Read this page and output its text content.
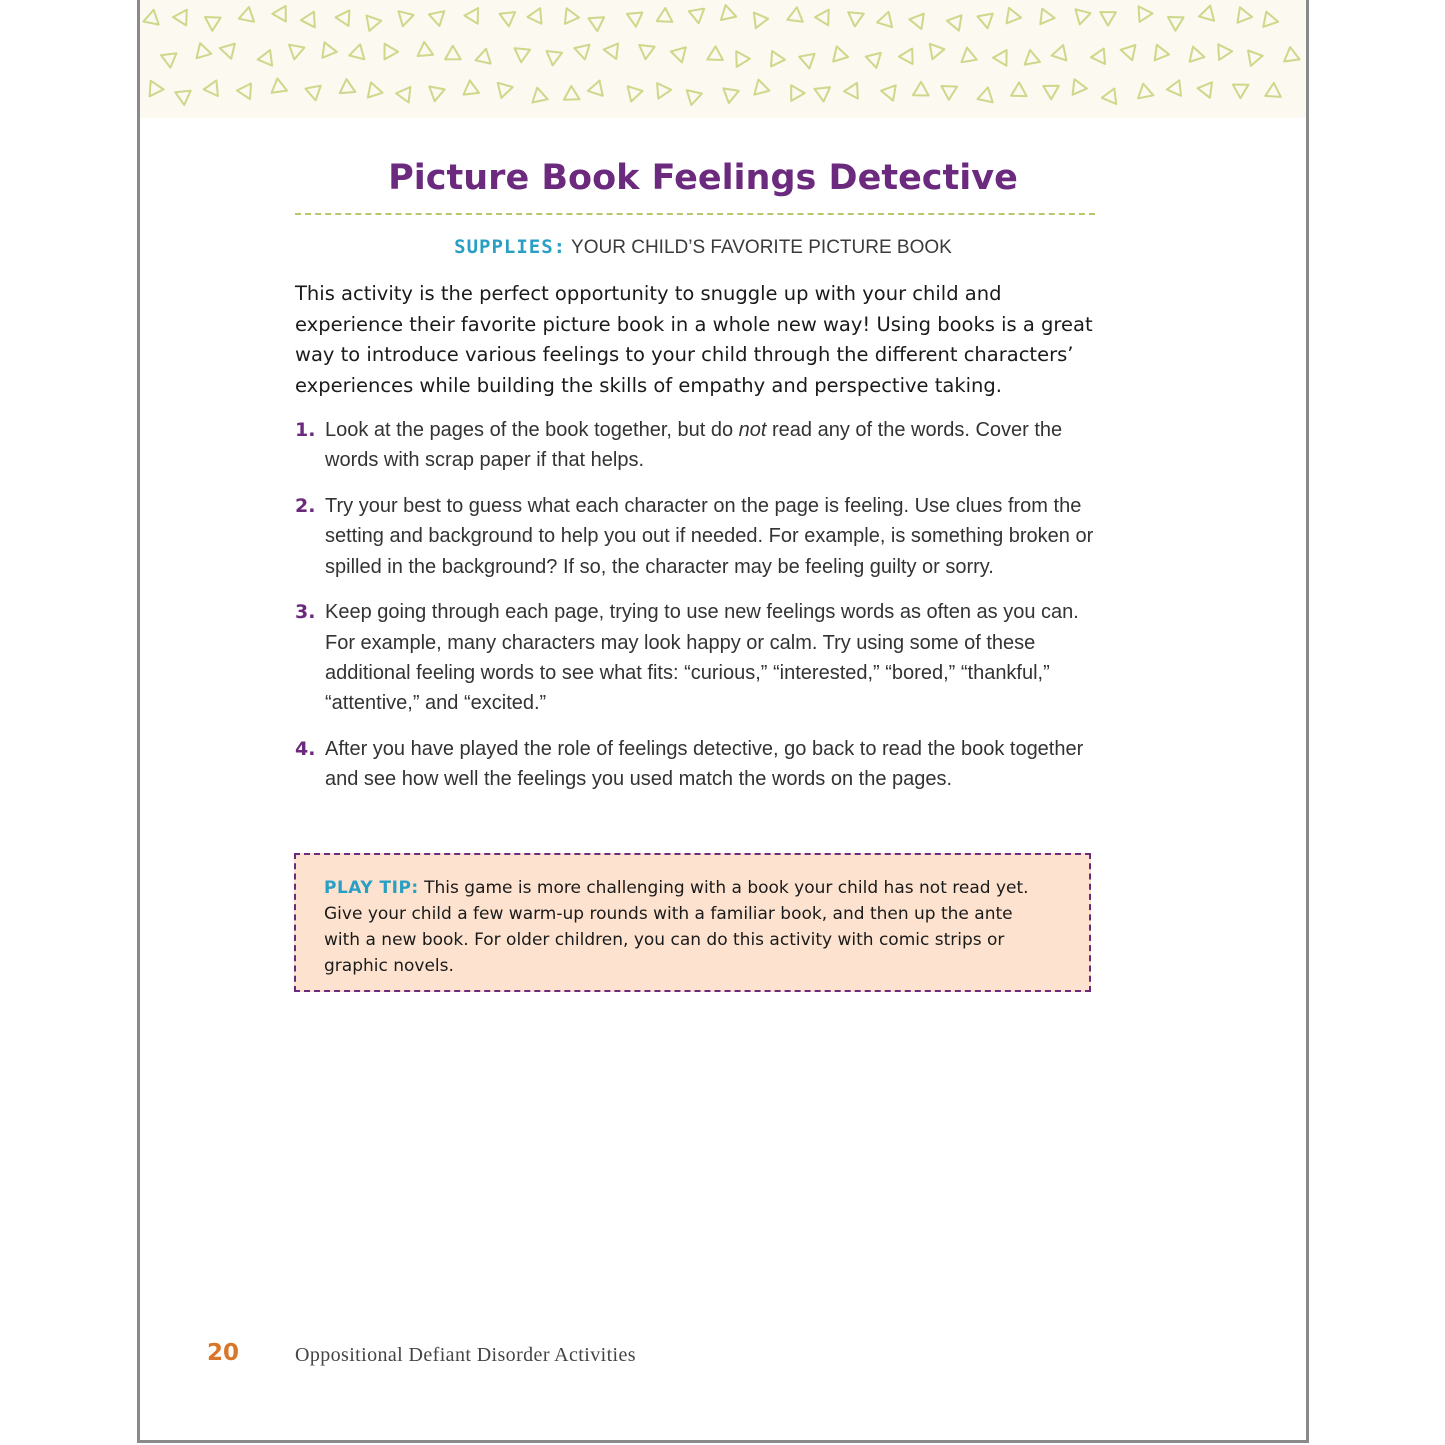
Picture Book Feelings Detective
SUPPLIES: YOUR CHILD’S FAVORITE PICTURE BOOK
This activity is the perfect opportunity to snuggle up with your child and experience their favorite picture book in a whole new way! Using books is a great way to introduce various feelings to your child through the different characters’ experiences while building the skills of empathy and perspective taking.
1. Look at the pages of the book together, but do not read any of the words. Cover the words with scrap paper if that helps.
2. Try your best to guess what each character on the page is feeling. Use clues from the setting and background to help you out if needed. For example, is something broken or spilled in the background? If so, the character may be feeling guilty or sorry.
3. Keep going through each page, trying to use new feelings words as often as you can. For example, many characters may look happy or calm. Try using some of these additional feeling words to see what fits: “curious,” “interested,” “bored,” “thankful,” “attentive,” and “excited.”
4. After you have played the role of feelings detective, go back to read the book together and see how well the feelings you used match the words on the pages.
PLAY TIP: This game is more challenging with a book your child has not read yet. Give your child a few warm-up rounds with a familiar book, and then up the ante with a new book. For older children, you can do this activity with comic strips or graphic novels.
20	Oppositional Defiant Disorder Activities
